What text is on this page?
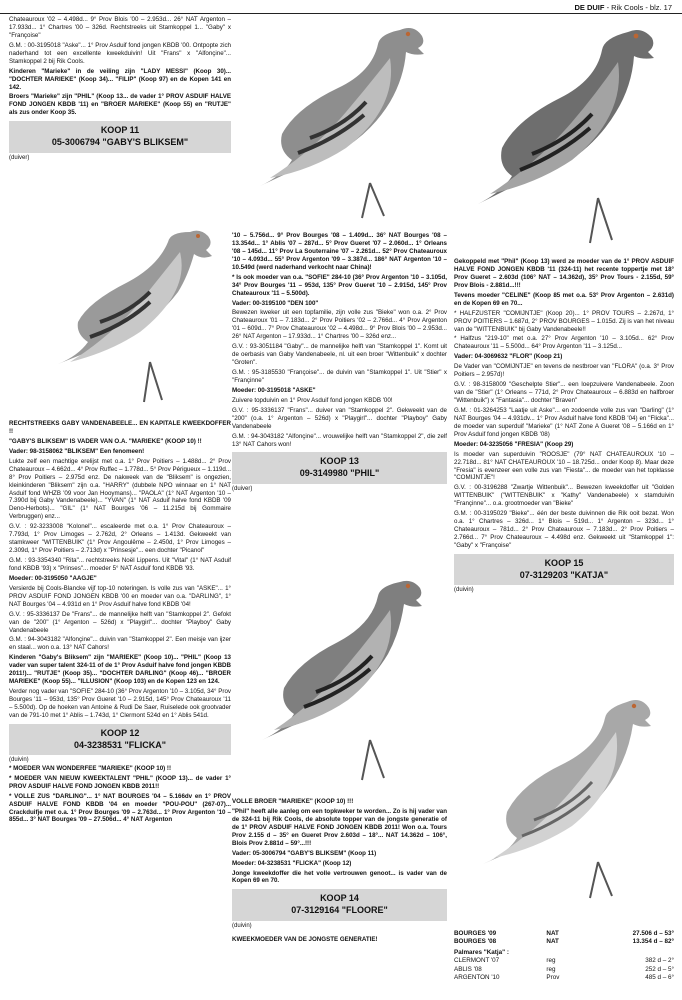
DE DUIF - Rik Cools - blz. 17

Chateauroux '02 – 4.498d... 9° Prov Blois '00 – 2.953d... 26° NAT Argenton – 17.933d... 1° Chartres '00 – 326d. Rechtstreeks uit Stamkoppel 1... "Gaby" x "Françoise"

G.M. : 00-3195018 "Aske"... 1° Prov Asduif fond jongen KBDB '00. Ontpopte zich naderhand tot een excellente kweekduivin! Uit "Frans" x "Alfonçine"... Stamkoppel 2 bij Rik Cools.

Kinderen "Marieke" in de veiling zijn "LADY MESSI" (Koop 30)... "DOCHTER MARIEKE" (Koop 34)... "FILIP" (Koop 97) en de Kopen 141 en 142.

Broers "Marieke" zijn "PHIL" (Koop 13... de vader 1° PROV ASDUIF HALVE FOND JONGEN KBDB '11) en "BROER MARIEKE" (Koop 55) en "RUTJE" als zus onder Koop 35.

KOOP 11
05-3006794 "GABY'S BLIKSEM"
(duiver)

RECHTSTREEKS GABY VANDENABEELE... EN KAPITALE KWEEKDOFFER !!

"GABY'S BLIKSEM" IS VADER VAN O.A. "MARIEKE" (KOOP 10) !!

Vader: 98-3158062 "BLIKSEM" Een fenomeen!

Lukte zelf een machtige erelijst met o.a. 1° Prov Poitiers – 1.488d... 2° Prov Chateauroux – 4.662d... 4° Prov Ruffec – 1.778d... 5° Prov Périgueux – 1.119d... 8° Prov Poitiers – 2.975d enz. De nakweek van de "Bliksem" is ongezien, kleinkinderen "Bliksem" zijn o.a. "HARRY" (dubbele NPO winnaar en 1° NAT Asduif fond WHZB '09 voor Jan Hooymans)... "PAOLA" (1° NAT Argenton '10 – 7.390d bij Gaby Vandenabeele)... "YVAN" (1° NAT Asduif halve fond KBDB '09 Deno-Herbots)... "GIL" (1° NAT Bourges '06 – 11.215d bij Gommaire Verbruggen) enz...

G.V. : 92-3233008 "Kolonel"... escaleerde met o.a. 1° Prov Chateauroux – 7.793d, 1° Prov Limoges – 2.762d, 2° Orleans – 1.413d. Gekweekt van stamkweer "WITTENBUIK" (1° Prov Angoulême – 2.450d, 1° Prov Limoges – 2.309d, 1° Prov Poitiers – 2.713d) x "Prinsesje"... een dochter "Picanol"

G.M. : 93-3354340 "Rita"... rechtstreeks Noël Lippens. Uit "Vital" (1° NAT Asduif fond KBDB '93) x "Prinses"... moeder 5° NAT Asduif fond KBDB '93.

Moeder: 00-3195050 "AAGJE"

Versierde bij Cools-Blancke vijf top-10 noteringen. Is volle zus van "ASKE"... 1° PROV ASDUIF FOND JONGEN KBDB '00 en moeder van o.a. "DARLING", 1° NAT Bourges '04 – 4.931d en 1° Prov Asduif halve fond KBDB '04!

G.V. : 95-3336137 De "Frans"... de mannelijke helft van "Stamkoppel 2". Gefokt van de "200" (1° Argenton – 526d) x "Playgirl"... dochter "Playboy" Gaby Vandenabeele

G.M. : 94-3043182 "Alfonçine"... duivin van "Stamkoppel 2". Een meisje van ijzer en staal... won o.a. 13° NAT Cahors!

Kinderen "Gaby's Bliksem" zijn "MARIEKE" (Koop 10)... "PHIL" (Koop 13 vader van super talent 324-11 of de 1° Prov Asduif halve fond jongen KBDB 2011!)... "RUTJE" (Koop 35)... "DOCHTER DARLING" (Koop 46)... "BROER MARIEKE" (Koop 55)... "ILLUSION" (Koop 103) en de Kopen 123 en 124.

Verder nog vader van "SOFIE" 284-10 (36° Prov Argenton '10 – 3.105d, 34° Prov Bourges '11 – 953d, 135° Prov Gueret '10 – 2.915d, 145° Prov Chateauroux '11 – 5.500d). Op de hoeken van Antoine & Rudi De Saer, Ruiselede ook grootvader van de 791-10 met 1° Ablis – 1.743d, 1° Clermont 524d en 1° Ablis 541d.

KOOP 12
04-3238531 "FLICKA"
(duivin)

* MOEDER VAN WONDERFEE "MARIEKE" (KOOP 10) !!

* MOEDER VAN NIEUW KWEEKTALENT "PHIL" (KOOP 13)... de vader 1° PROV ASDUIF HALVE FOND JONGEN KBDB 2011!!

* VOLLE ZUS "DARLING"... 1° NAT BOURGES '04 – 5.166dv en 1° PROV ASDUIF HALVE FOND KBDB '04 en moeder "POU-POU" (267-07)... Crackduifje met o.a. 1° Prov Bourges '09 – 2.763d... 1° Prov Argenton '10 – 855d... 3° NAT Bourges '09 – 27.506d... 4° NAT Argenton

'10 – 5.756d... 9° Prov Bourges '08 – 1.409d... 36° NAT Bourges '08 – 13.354d... 1° Ablis '07 – 287d... 5° Prov Gueret '07 – 2.060d... 1° Orleans '08 – 145d... 11° Prov La Souterraine '07 – 2.261d... 52° Prov Chateauroux '10 – 4.093d... 55° Prov Argenton '09 – 3.387d... 186° NAT Argenton '10 – 10.549d (werd naderhand verkocht naar China)!

* Is ook moeder van o.a. "SOFIE" 284-10 (36° Prov Argenton '10 – 3.105d, 34° Prov Bourges '11 – 953d, 135° Prov Gueret '10 – 2.915d, 145° Prov Chateauroux '11 – 5.500d).

Vader: 00-3195100 "DEN 100"

Bewezen kweker uit een topfamilie, zijn volle zus "Bieke" won o.a. 2° Prov Chateauroux '01 – 7.183d... 2° Prov Poitiers '02 – 2.766d... 4° Prov Argenton '01 – 609d... 7° Prov Chateauroux '02 – 4.498d... 9° Prov Blois '00 – 2.953d... 26° NAT Argenton – 17.933d... 1° Chartres '00 – 326d enz...

G.V. : 93-3051184 "Gaby"... de mannelijke helft van "Stamkoppel 1". Komt uit de oerbasis van Gaby Vandenabeele, nl. uit een broer "Wittenbuik" x dochter "Groten".

G.M. : 95-3185530 "Françoise"... de duivin van "Stamkoppel 1". Uit "Stier" x "Françinne"

Moeder: 00-3195018 "ASKE"

Zuivere topduivin en 1° Prov Asduif fond jongen KBDB '00!

G.V. : 95-3336137 "Frans"... duiver van "Stamkoppel 2". Gekweekt van de "200" (o.a. 1° Argenton – 526d) x "Playgirl"... dochter "Playboy" Gaby Vandenabeele

G.M. : 94-3043182 "Alfonçine"... vrouwelijke helft van "Stamkoppel 2", die zelf 13° NAT Cahors won!

KOOP 13
09-3149980 "PHIL"
(duiver)

VOLLE BROER "MARIEKE" (KOOP 10) !!!

"Phil" heeft alle aanleg om een topkweker te worden... Zo is hij vader van de 324-11 bij Rik Cools, de absolute topper van de jongste generatie of de 1° PROV ASDUIF HALVE FOND JONGEN KBDB 2011! Won o.a. Tours Prov 2.155 d – 35° en Gueret Prov 2.603d – 18°... NAT 14.362d – 106°, Blois Prov 2.881d – 59°...!!!

Vader: 05-3006794 "GABY'S BLIKSEM" (Koop 11)

Moeder: 04-3238531 "FLICKA" (Koop 12)

Jonge kweekdoffer die het volle vertrouwen genoot... is vader van de Kopen 69 en 70.

KOOP 14
07-3129164 "FLOORE"
(duivin)

KWEEKMOEDER VAN DE JONGSTE GENERATIE!

Gekoppeld met "Phil" (Koop 13) werd ze moeder van de 1° PROV ASDUIF HALVE FOND JONGEN KBDB '11 (324-11) het recente toppertje met 18° Prov Gueret – 2.603d (106° NAT – 14.362d), 35° Prov Tours - 2.155d, 59° Prov Blois - 2.881d...!!!

Tevens moeder "CELINE" (Koop 85 met o.a. 53° Prov Argenton – 2.631d) en de Kopen 69 en 70...

* HALFZUSTER "COMIJNTJE" (Koop 20)... 1° PROV TOURS – 2.267d, 1° PROV POITIERS – 1.687d, 2° PROV BOURGES – 1.015d. Zij is van het niveau van de "WITTENBUIK" bij Gaby Vandenabeele!!

* Halfzus "219-10" met o.a. 27° Prov Argenton '10 – 3.105d... 62° Prov Chateauroux '11 – 5.500d... 64° Prov Argenton '11 – 3.125d...

Vader: 04-3069632 "FLOR" (Koop 21)

De Vader van "COMIJNTJE" en tevens de nestbroer van "FLORA" (o.a. 3° Prov Poitiers – 2.957d)!

G.V. : 98-3158009 "Geschelpte Stier"... een loepzuivere Vandenabeele. Zoon van de "Stier" (1° Orleans – 771d, 2° Prov Chateauroux – 6.883d en halfbroer "Wittenbuik") x "Fantasia"... dochter "Braven"

G.M. : 01-3264253 "Laatje uit Aske"... en zodoende volle zus van "Darling" (1° NAT Bourges '04 – 4.931dv... 1° Prov Asduif halve fond KBDB '04) en "Flicka"... de moeder van superduif "Marieke" (1° NAT Zone A Gueret '08 – 5.166d en 1° Prov Asduif fond jongen KBDB '08)

Moeder: 04-3235056 "FRESIA" (Koop 29)

Is moeder van superduivin "ROOSJE" (79° NAT CHATEAUROUX '10 – 22.718d... 81° NAT CHATEAUROUX '10 – 18.725d... onder Koop 8). Maar deze "Fresia" is evenzeer een volle zus van "Fiesta"... de moeder van het topklasse "COMIJNTJE"!

G.V. : 00-3196288 "Zwartje Wittenbuik"... Bewezen kweekdoffer uit "Golden WITTENBUIK" ("WITTENBUIK" x "Kathy" Vandenabeele) x stamduivin "Françinne"... o.a. grootmoeder van "Bieke"

G.M. : 00-3195029 "Bieke"... één der beste duivinnen die Rik ooit bezat. Won o.a. 1° Chartres – 326d... 1° Blois – 519d... 1° Argenton – 323d... 1° Chateauroux – 781d... 2° Prov Chateauroux – 7.183d... 2° Prov Poitiers – 2.766d... 7° Prov Chateauroux – 4.498d enz. Gekweekt uit "Stamkoppel 1": "Gaby" x "Françoise"

KOOP 15
07-3129203 "KATJA"
(duivin)
BOURGES '09	NAT	27.506 d – 53°
BOURGES '08	NAT	13.354 d – 82°
Palmares "Katja" :
CLERMONT '07	reg	382 d – 2°
ABLIS '08	reg	252 d – 5°
ARGENTON '10	Prov	485 d – 6°
